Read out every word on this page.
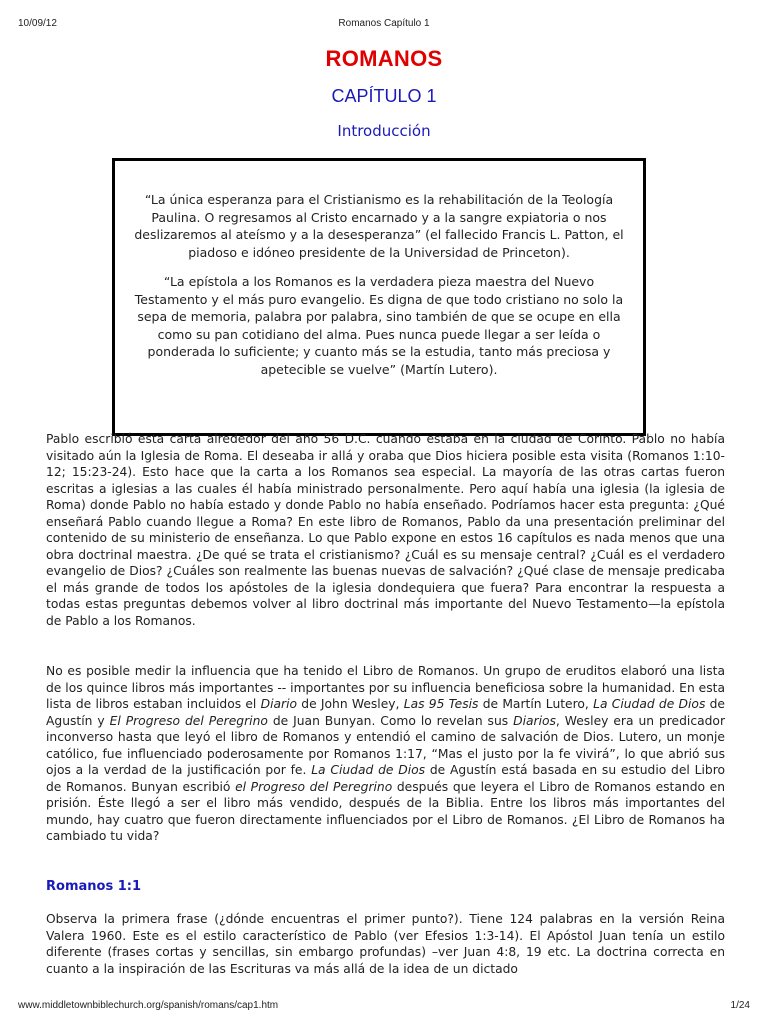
10/09/12	Romanos Capítulo 1
ROMANOS
CAPÍTULO 1
Introducción

“La única esperanza para el Cristianismo es la rehabilitación de la Teología Paulina. O regresamos al Cristo encarnado y a la sangre expiatoria o nos deslizaremos al ateísmo y a la desesperanza” (el fallecido Francis L. Patton, el piadoso e idóneo presidente de la Universidad de Princeton).

“La epístola a los Romanos es la verdadera pieza maestra del Nuevo Testamento y el más puro evangelio. Es digna de que todo cristiano no solo la sepa de memoria, palabra por palabra, sino también de que se ocupe en ella como su pan cotidiano del alma. Pues nunca puede llegar a ser leída o ponderada lo suficiente; y cuanto más se la estudia, tanto más preciosa y apetecible se vuelve” (Martín Lutero).

Pablo escribió esta carta alrededor del año 56 D.C. cuando estaba en la ciudad de Corinto. Pablo no había visitado aún la Iglesia de Roma. El deseaba ir allá y oraba que Dios hiciera posible esta visita (Romanos 1:10-12; 15:23-24). Esto hace que la carta a los Romanos sea especial. La mayoría de las otras cartas fueron escritas a iglesias a las cuales él había ministrado personalmente. Pero aquí había una iglesia (la iglesia de Roma) donde Pablo no había estado y donde Pablo no había enseñado. Podríamos hacer esta pregunta: ¿Qué enseñará Pablo cuando llegue a Roma? En este libro de Romanos, Pablo da una presentación preliminar del contenido de su ministerio de enseñanza. Lo que Pablo expone en estos 16 capítulos es nada menos que una obra doctrinal maestra. ¿De qué se trata el cristianismo? ¿Cuál es su mensaje central? ¿Cuál es el verdadero evangelio de Dios? ¿Cuáles son realmente las buenas nuevas de salvación? ¿Qué clase de mensaje predicaba el más grande de todos los apóstoles de la iglesia dondequiera que fuera? Para encontrar la respuesta a todas estas preguntas debemos volver al libro doctrinal más importante del Nuevo Testamento—la epístola de Pablo a los Romanos.
No es posible medir la influencia que ha tenido el Libro de Romanos. Un grupo de eruditos elaboró una lista de los quince libros más importantes -- importantes por su influencia beneficiosa sobre la humanidad. En esta lista de libros estaban incluidos el Diario de John Wesley, Las 95 Tesis de Martín Lutero, La Ciudad de Dios de Agustín y El Progreso del Peregrino de Juan Bunyan. Como lo revelan sus Diarios, Wesley era un predicador inconverso hasta que leyó el libro de Romanos y entendió el camino de salvación de Dios. Lutero, un monje católico, fue influenciado poderosamente por Romanos 1:17, “Mas el justo por la fe vivirá”, lo que abrió sus ojos a la verdad de la justificación por fe. La Ciudad de Dios de Agustín está basada en su estudio del Libro de Romanos. Bunyan escribió el Progreso del Peregrino después que leyera el Libro de Romanos estando en prisión. Éste llegó a ser el libro más vendido, después de la Biblia. Entre los libros más importantes del mundo, hay cuatro que fueron directamente influenciados por el Libro de Romanos. ¿El Libro de Romanos ha cambiado tu vida?
Romanos 1:1
Observa la primera frase (¿dónde encuentras el primer punto?). Tiene 124 palabras en la versión Reina Valera 1960. Este es el estilo característico de Pablo (ver Efesios 1:3-14). El Apóstol Juan tenía un estilo diferente (frases cortas y sencillas, sin embargo profundas) –ver Juan 4:8, 19 etc. La doctrina correcta en cuanto a la inspiración de las Escrituras va más allá de la idea de un dictado
www.middletownbiblechurch.org/spanish/romans/cap1.htm	1/24
